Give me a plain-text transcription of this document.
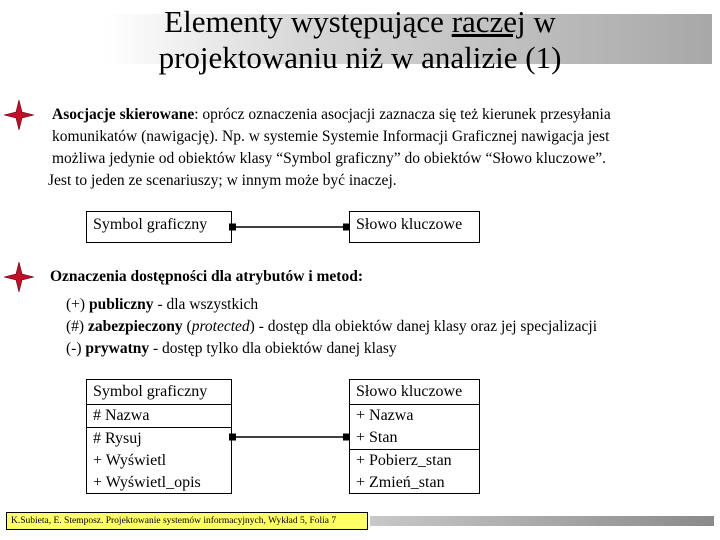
Elementy występujące raczej w
projektowaniu niż w analizie (1)
Asocjacje skierowane: oprócz oznaczenia asocjacji zaznacza się też kierunek przesyłania
komunikatów (nawigację). Np. w systemie Systemie Informacji Graficznej nawigacja jest
możliwa jedynie od obiektów klasy “Symbol graficzny” do obiektów “Słowo kluczowe”.
Jest to jeden ze scenariuszy; w innym może być inaczej.
Symbol graficzny	Słowo kluczowe
Oznaczenia dostępności dla atrybutów i metod:
(+) publiczny - dla wszystkich
(#) zabezpieczony (protected) - dostęp dla obiektów danej klasy oraz jej specjalizacji
(-) prywatny - dostęp tylko dla obiektów danej klasy
Symbol graficzny
# Nazwa
# Rysuj
+ Wyświetl
+ Wyświetl_opis
Słowo kluczowe
+ Nazwa
+ Stan
+ Pobierz_stan
+ Zmień_stan
K.Subieta, E. Stemposz. Projektowanie systemów informacyjnych, Wykład 5, Folia 7
